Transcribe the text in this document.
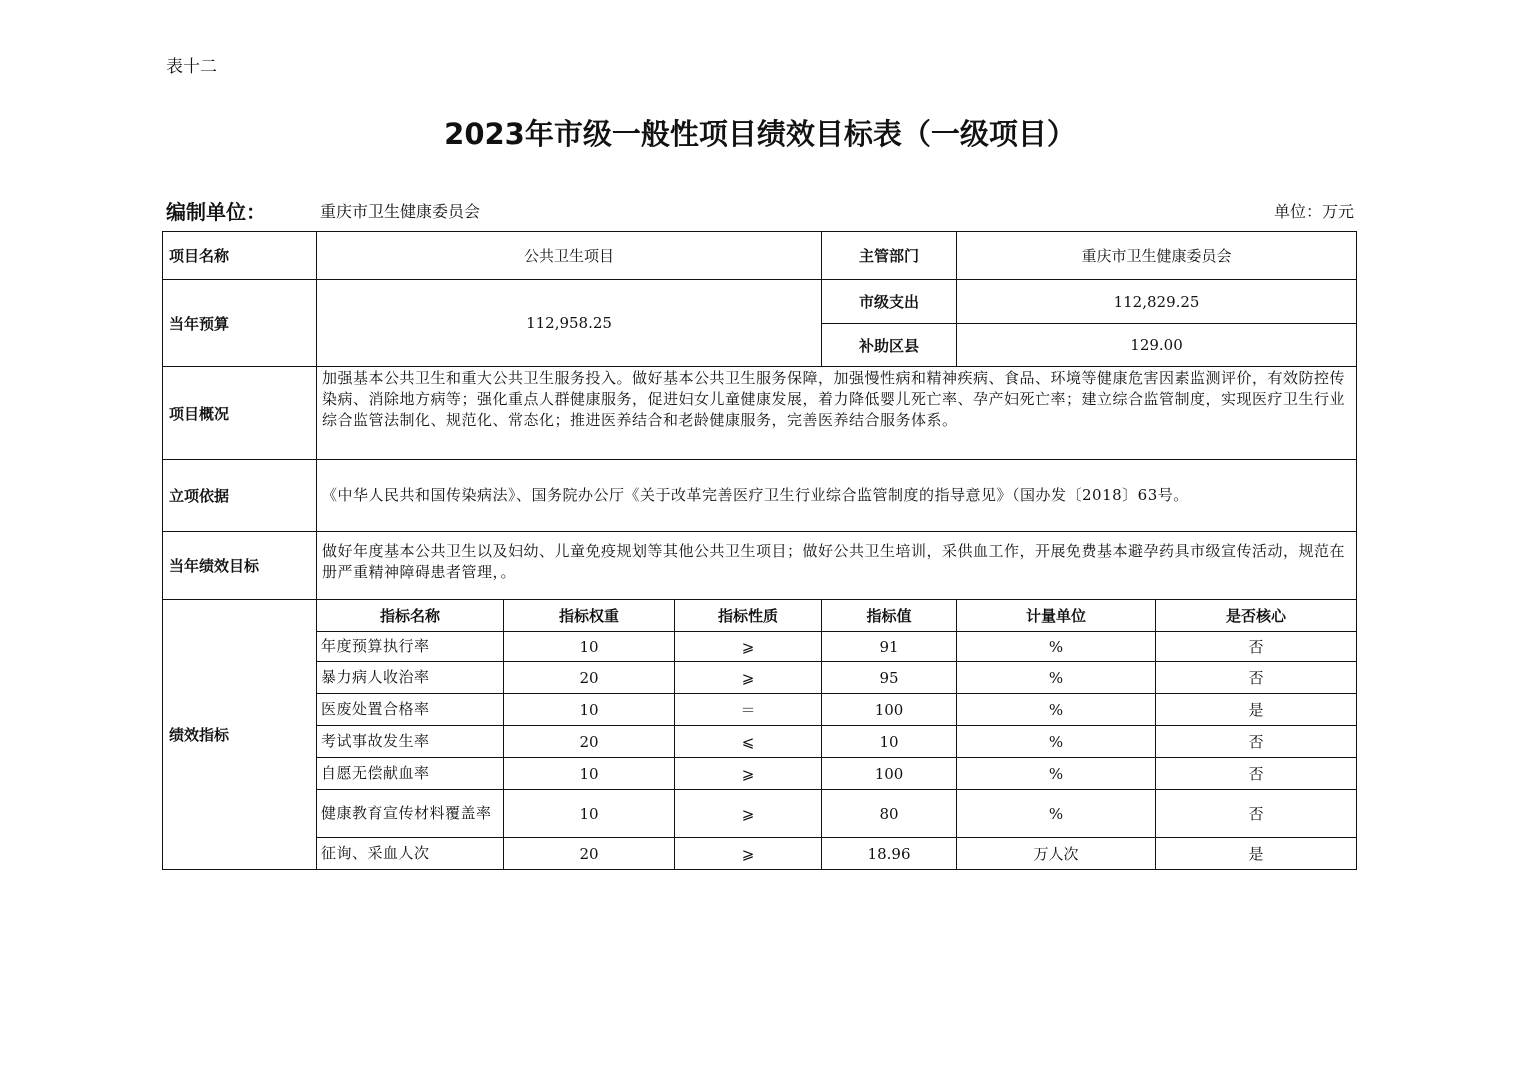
表十二
2023年市级一般性项目绩效目标表（一级项目）
编制单位：	重庆市卫生健康委员会	单位：万元
项目名称	公共卫生项目			主管部门	重庆市卫生健康委员会	
当年预算	112,958.25			市级支出	112,829.25	
				补助区县	129.00	
项目概况	加强基本公共卫生和重大公共卫生服务投入。做好基本公共卫生服务保障，加强慢性病和精神疾病、食品、环境等健康危害因素监测评价，有效防控传染病、消除地方病等；强化重点人群健康服务，促进妇女儿童健康发展，着力降低婴儿死亡率、孕产妇死亡率；建立综合监管制度，实现医疗卫生行业综合监管法制化、规范化、常态化；推进医养结合和老龄健康服务，完善医养结合服务体系。					
立项依据	《中华人民共和国传染病法》、国务院办公厅《关于改革完善医疗卫生行业综合监管制度的指导意见》（国办发〔2018〕63号。					
当年绩效目标	做好年度基本公共卫生以及妇幼、儿童免疫规划等其他公共卫生项目；做好公共卫生培训，采供血工作，开展免费基本避孕药具市级宣传活动，规范在册严重精神障碍患者管理，。					
绩效指标	指标名称	指标权重	指标性质	指标值	计量单位	是否核心
	年度预算执行率	10	⩾	91	%	否
	暴力病人收治率	20	⩾	95	%	否
	医废处置合格率	10	＝	100	%	是
	考试事故发生率	20	⩽	10	%	否
	自愿无偿献血率	10	⩾	100	%	否
	健康教育宣传材料覆盖率	10	⩾	80	%	否
	征询、采血人次	20	⩾	18.96	万人次	是
